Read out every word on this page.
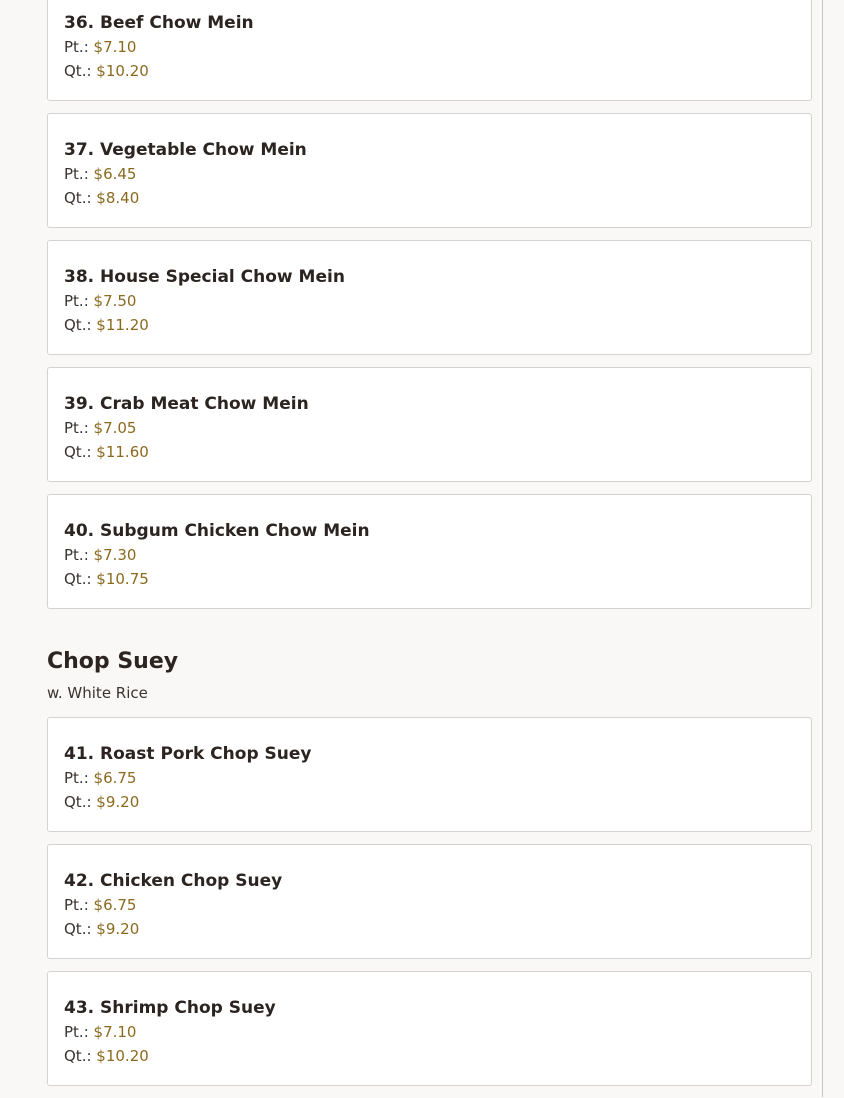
36. Beef Chow Mein
Pt.: $7.10
Qt.: $10.20
37. Vegetable Chow Mein
Pt.: $6.45
Qt.: $8.40
38. House Special Chow Mein
Pt.: $7.50
Qt.: $11.20
39. Crab Meat Chow Mein
Pt.: $7.05
Qt.: $11.60
40. Subgum Chicken Chow Mein
Pt.: $7.30
Qt.: $10.75
Chop Suey
w. White Rice
41. Roast Pork Chop Suey
Pt.: $6.75
Qt.: $9.20
42. Chicken Chop Suey
Pt.: $6.75
Qt.: $9.20
43. Shrimp Chop Suey
Pt.: $7.10
Qt.: $10.20
